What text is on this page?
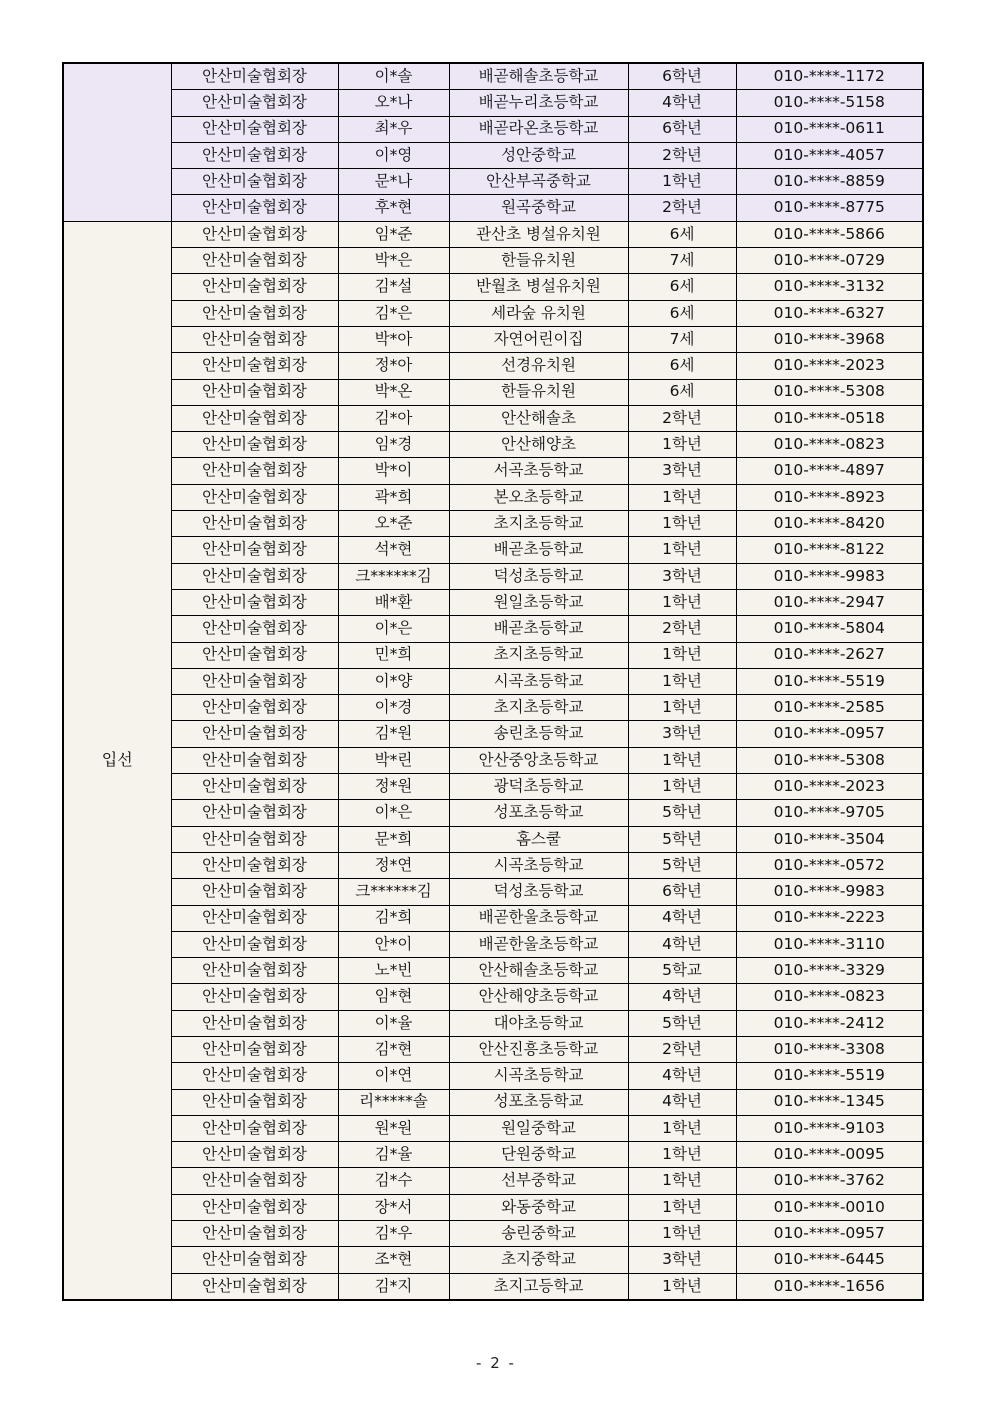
	안산미술협회장	이*솔	배곧해솔초등학교	6학년	010-****-1172
	안산미술협회장	오*나	배곧누리초등학교	4학년	010-****-5158
	안산미술협회장	최*우	배곧라온초등학교	6학년	010-****-0611
	안산미술협회장	이*영	성안중학교	2학년	010-****-4057
	안산미술협회장	문*나	안산부곡중학교	1학년	010-****-8859
	안산미술협회장	후*현	원곡중학교	2학년	010-****-8775
입선	안산미술협회장	임*준	관산초 병설유치원	6세	010-****-5866
	안산미술협회장	박*은	한들유치원	7세	010-****-0729
	안산미술협회장	김*설	반월초 병설유치원	6세	010-****-3132
	안산미술협회장	김*은	세라숲 유치원	6세	010-****-6327
	안산미술협회장	박*아	자연어린이집	7세	010-****-3968
	안산미술협회장	정*아	선경유치원	6세	010-****-2023
	안산미술협회장	박*온	한들유치원	6세	010-****-5308
	안산미술협회장	김*아	안산해솔초	2학년	010-****-0518
	안산미술협회장	임*경	안산해양초	1학년	010-****-0823
	안산미술협회장	박*이	서곡초등학교	3학년	010-****-4897
	안산미술협회장	곽*희	본오초등학교	1학년	010-****-8923
	안산미술협회장	오*준	초지초등학교	1학년	010-****-8420
	안산미술협회장	석*현	배곧초등학교	1학년	010-****-8122
	안산미술협회장	크******김	덕성초등학교	3학년	010-****-9983
	안산미술협회장	배*환	원일초등학교	1학년	010-****-2947
	안산미술협회장	이*은	배곧초등학교	2학년	010-****-5804
	안산미술협회장	민*희	초지초등학교	1학년	010-****-2627
	안산미술협회장	이*양	시곡초등학교	1학년	010-****-5519
	안산미술협회장	이*경	초지초등학교	1학년	010-****-2585
	안산미술협회장	김*원	송린초등학교	3학년	010-****-0957
	안산미술협회장	박*린	안산중앙초등학교	1학년	010-****-5308
	안산미술협회장	정*원	광덕초등학교	1학년	010-****-2023
	안산미술협회장	이*은	성포초등학교	5학년	010-****-9705
	안산미술협회장	문*희	홈스쿨	5학년	010-****-3504
	안산미술협회장	정*연	시곡초등학교	5학년	010-****-0572
	안산미술협회장	크******김	덕성초등학교	6학년	010-****-9983
	안산미술협회장	김*희	배곧한울초등학교	4학년	010-****-2223
	안산미술협회장	안*이	배곧한울초등학교	4학년	010-****-3110
	안산미술협회장	노*빈	안산해솔초등학교	5학교	010-****-3329
	안산미술협회장	임*현	안산해양초등학교	4학년	010-****-0823
	안산미술협회장	이*율	대야초등학교	5학년	010-****-2412
	안산미술협회장	김*현	안산진흥초등학교	2학년	010-****-3308
	안산미술협회장	이*연	시곡초등학교	4학년	010-****-5519
	안산미술협회장	리*****솔	성포초등학교	4학년	010-****-1345
	안산미술협회장	원*원	원일중학교	1학년	010-****-9103
	안산미술협회장	김*율	단원중학교	1학년	010-****-0095
	안산미술협회장	김*수	선부중학교	1학년	010-****-3762
	안산미술협회장	장*서	와동중학교	1학년	010-****-0010
	안산미술협회장	김*우	송린중학교	1학년	010-****-0957
	안산미술협회장	조*현	초지중학교	3학년	010-****-6445
	안산미술협회장	김*지	초지고등학교	1학년	010-****-1656
- 2 -
